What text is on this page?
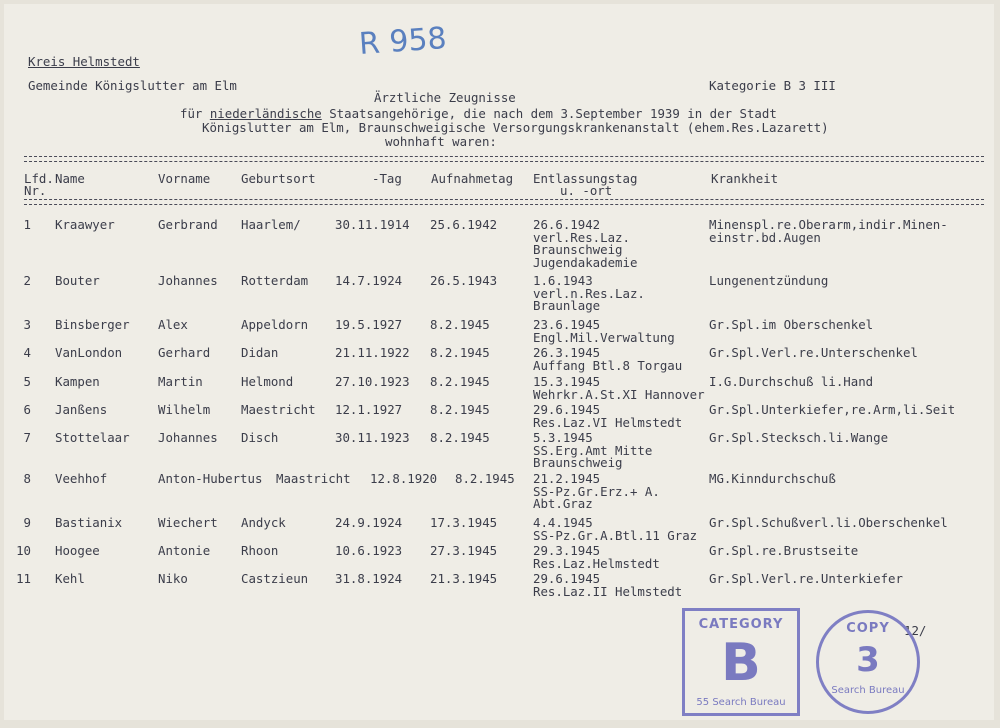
Kreis Helmstedt
Gemeinde Königslutter am Elm	Kategorie B 3 III
R 958
Ärztliche Zeugnisse
für niederländische Staatsangehörige, die nach dem 3.September 1939 in der Stadt
Königslutter am Elm, Braunschweigische Versorgungskrankenanstalt (ehem.Res.Lazarett)
wohnhaft waren:
Lfd.
Nr.
Name	Vorname Geburtsort	-Tag Aufnahmetag Entlassungstag
u. -ort
Krankheit
1 Kraawyer	Gerbrand Haarlem/	30.11.1914 25.6.1942	26.6.1942
verl.Res.Laz.
Braunschweig
Jugendakademie
Minenspl.re.Oberarm,indir.Minen-
einstr.bd.Augen
2 Bouter	Johannes Rotterdam 14.7.1924 26.5.1943	1.6.1943
verl.n.Res.Laz.
Braunlage
Lungenentzündung
3 Binsberger Alex	Appeldorn 19.5.1927 8.2.1945	23.6.1945
Engl.Mil.Verwaltung
Gr.Spl.im Oberschenkel
4 VanLondon	Gerhard Didan	21.11.1922 8.2.1945	26.3.1945
Auffang Btl.8 Torgau
Gr.Spl.Verl.re.Unterschenkel
5 Kampen	Martin	Helmond	27.10.1923 8.2.1945	15.3.1945
Wehrkr.A.St.XI Hannover
I.G.Durchschuß li.Hand
6 Janßens	Wilhelm Maestricht 12.1.1927 8.2.1945	29.6.1945
Res.Laz.VI Helmstedt
Gr.Spl.Unterkiefer,re.Arm,li.Seit
7 Stottelaar Johannes Disch	30.11.1923 8.2.1945	5.3.1945
SS.Erg.Amt Mitte
Braunschweig
Gr.Spl.Stecksch.li.Wange
8 Veehhof	Anton-Hubertus Maastricht 12.8.1920 8.2.1945 21.2.1945
SS-Pz.Gr.Erz.+ A.
Abt.Graz
MG.Kinndurchschuß
9 Bastianix	Wiechert Andyck	24.9.1924 17.3.1945	4.4.1945
SS-Pz.Gr.A.Btl.11 Graz
Gr.Spl.Schußverl.li.Oberschenkel
10 Hoogee	Antonie Rhoon	10.6.1923 27.3.1945	29.3.1945
Res.Laz.Helmstedt
Gr.Spl.re.Brustseite
11 Kehl	Niko	Castzieun 31.8.1924 21.3.1945	29.6.1945
Res.Laz.II Helmstedt
Gr.Spl.Verl.re.Unterkiefer
12/
CATEGORY
B
55 Search Bureau
COPY
3
Search Bureau
